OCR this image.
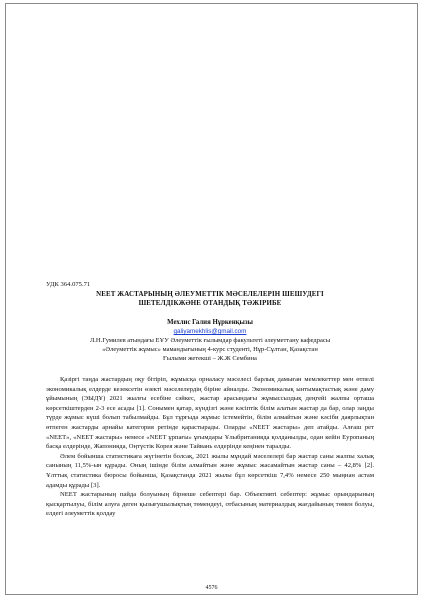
УДК 364.075.71
NEET ЖАСТАРЫНЫҢ ӘЛЕУМЕТТІК МӘСЕЛЕЛЕРІН ШЕШУДЕГІ
ШЕТЕЛДІКЖӘНЕ ОТАНДЫҚ ТӘЖІРИБЕ
Мехлис Галия Нұркенқызы
galiyamekhlis@gmail.com
Л.Н.Гумилев атындағы ЕҰУ Әлеуметтік ғылымдар факультеті әлеуметтану кафедрасы
«Әлеуметтік жұмыс» мамандығының 4-курс студенті, Нұр-Сұлтан, Қазақстан
Ғылыми жетекші – Ж.Ж Сембина

Қазіргі таңда жастардың оқу бітіріп, жұмысқа орналасу мәселесі барлық дамыған мемлекеттер мен өтпелі экономикалық елдерде кезексетін өзекті мәселелердің біріне айналды. Экономикалық ынтымақтастық және даму ұйымының (ЭЫДҰ) 2021 жылғы есебіне сәйкес, жастар арасындағы жұмыссыздық деңгейі жалпы орташа көрсеткіштерден 2-3 есе асады [1]. Сонымен қатар, күндізгі және кәсіптік білім алатын жастар да бар, олар заңды түрде жұмыс күші болып табылмайды. Бұл тұрғыда жұмыс істемейтін, білім алмайтын және кәсіби даярлықтан өтпеген жастарды арнайы категория ретінде қарастырады. Оларды «NEET жастары» деп атайды. Алғаш рет «NEET», «NEET жастары» немесе «NEET ұрпағы» ұғымдары Ұлыбританияда қолданылды, одан кейін Еуропаның басқа елдерінде, Жапонияда, Оңтүстік Корея және Тайвань елдерінде кеңінен таралды.

Әлем бойынша статистикаға жүгінетін болсақ, 2021 жылы мұндай мәселелері бар жастар саны жалпы халық санының 11,5%-ын құрады. Оның ішінде білім алмайтын және жұмыс жасамайтын жастар саны – 42,8% [2]. Ұлттық статистика бюросы бойынша, Қазақстанда 2021 жылы бұл көрсеткіш 7,4% немесе 250 мыңнан астам адамды құрады [3].

NEET жастарының пайда болуының бірнеше себептері бар. Объективті себептер: жұмыс орындарының қысқартылуы, білім алуға деген қызығушылықтың төмендеуі, отбасының материалдық жағдайының төмен болуы, елдегі әлеуметтік қолдау

4576
